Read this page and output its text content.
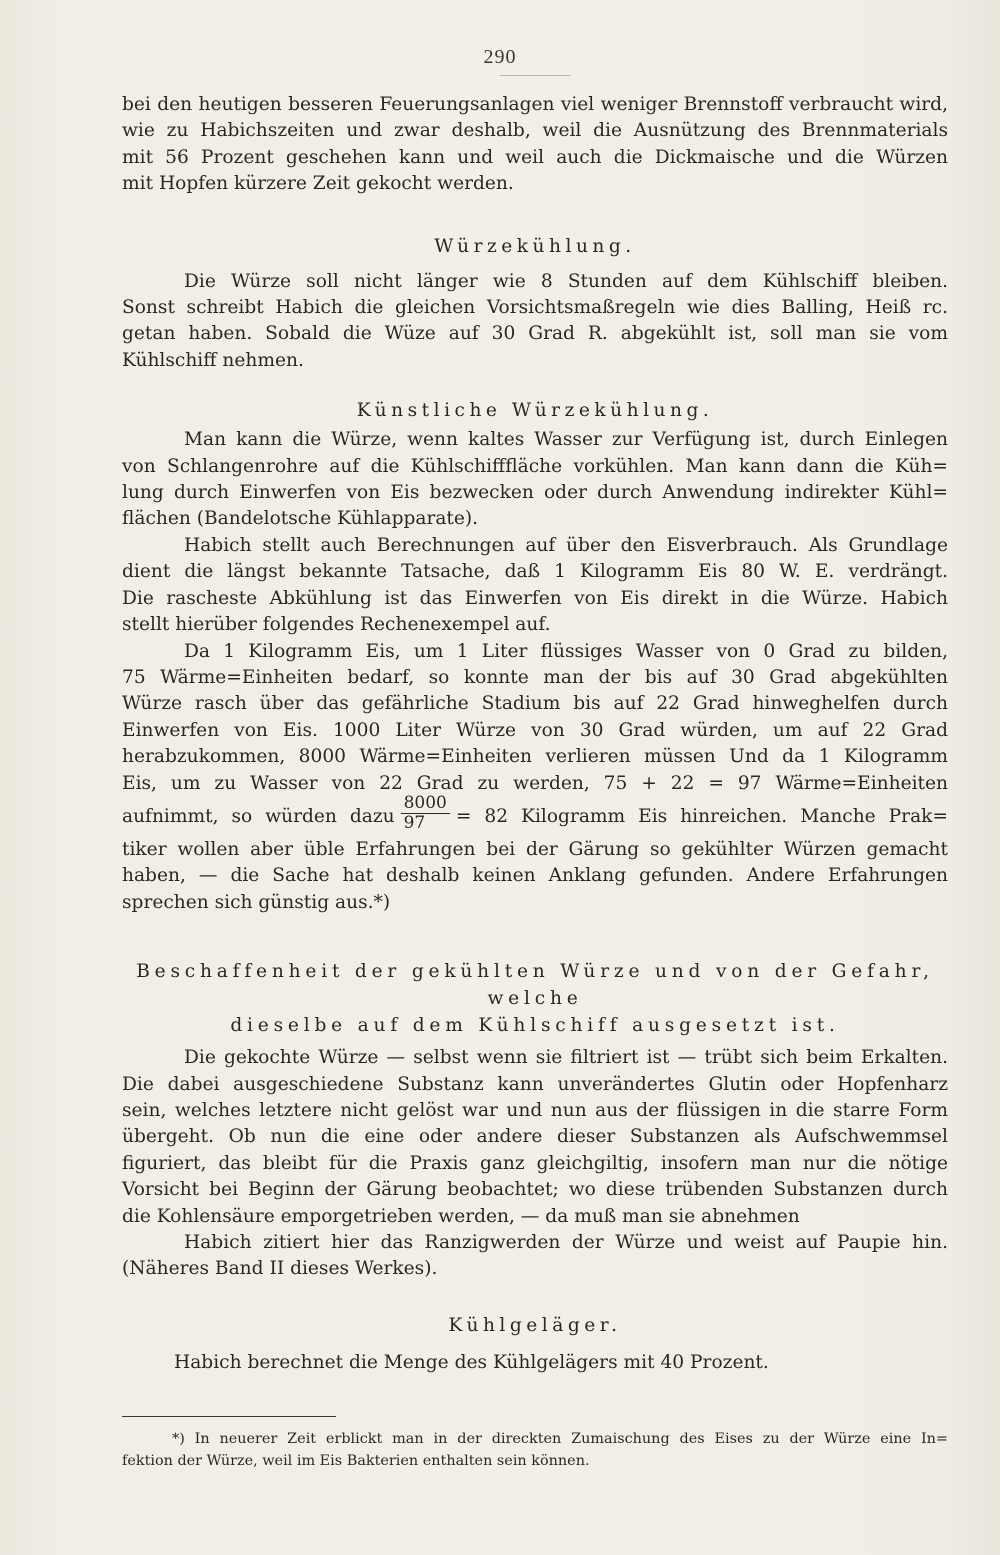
290
bei den heutigen besseren Feuerungsanlagen viel weniger Brennstoff verbraucht wird,
wie zu Habichszeiten und zwar deshalb, weil die Ausnützung des Brennmaterials
mit 56 Prozent geschehen kann und weil auch die Dickmaische und die Würzen
mit Hopfen kürzere Zeit gekocht werden.
Würzekühlung.
Die Würze soll nicht länger wie 8 Stunden auf dem Kühlschiff bleiben.
Sonst schreibt Habich die gleichen Vorsichtsmaßregeln wie dies Balling, Heiß rc.
getan haben. Sobald die Wüze auf 30 Grad R. abgekühlt ist, soll man sie vom
Kühlschiff nehmen.
Künstliche Würzekühlung.
Man kann die Würze, wenn kaltes Wasser zur Verfügung ist, durch Einlegen
von Schlangenrohre auf die Kühlschifffläche vorkühlen. Man kann dann die Küh=
lung durch Einwerfen von Eis bezwecken oder durch Anwendung indirekter Kühl=
flächen (Bandelotsche Kühlapparate).
Habich stellt auch Berechnungen auf über den Eisverbrauch. Als Grundlage
dient die längst bekannte Tatsache, daß 1 Kilogramm Eis 80 W. E. verdrängt.
Die rascheste Abkühlung ist das Einwerfen von Eis direkt in die Würze. Habich
stellt hierüber folgendes Rechenexempel auf.
Da 1 Kilogramm Eis, um 1 Liter flüssiges Wasser von 0 Grad zu bilden,
75 Wärme=Einheiten bedarf, so konnte man der bis auf 30 Grad abgekühlten
Würze rasch über das gefährliche Stadium bis auf 22 Grad hinweghelfen durch
Einwerfen von Eis. 1000 Liter Würze von 30 Grad würden, um auf 22 Grad
herabzukommen, 8000 Wärme=Einheiten verlieren müssen Und da 1 Kilogramm
Eis, um zu Wasser von 22 Grad zu werden, 75 + 22 = 97 Wärme=Einheiten
aufnimmt, so würden dazu $\frac{8000}{97} = 82$ Kilogramm Eis hinreichen. Manche Prak=
tiker wollen aber üble Erfahrungen bei der Gärung so gekühlter Würzen gemacht
haben, — die Sache hat deshalb keinen Anklang gefunden. Andere Erfahrungen
sprechen sich günstig aus.*)
Beschaffenheit der gekühlten Würze und von der Gefahr, welche
dieselbe auf dem Kühlschiff ausgesetzt ist.
Die gekochte Würze — selbst wenn sie filtriert ist — trübt sich beim Erkalten.
Die dabei ausgeschiedene Substanz kann unverändertes Glutin oder Hopfenharz
sein, welches letztere nicht gelöst war und nun aus der flüssigen in die starre Form
übergeht. Ob nun die eine oder andere dieser Substanzen als Aufschwemmsel
figuriert, das bleibt für die Praxis ganz gleichgiltig, insofern man nur die nötige
Vorsicht bei Beginn der Gärung beobachtet; wo diese trübenden Substanzen durch
die Kohlensäure emporgetrieben werden, — da muß man sie abnehmen
Habich zitiert hier das Ranzigwerden der Würze und weist auf Paupie hin.
(Näheres Band II dieses Werkes).
Kühlgeläger.
Habich berechnet die Menge des Kühlgelägers mit 40 Prozent.
*) In neuerer Zeit erblickt man in der direckten Zumaischung des Eises zu der Würze eine In=
fektion der Würze, weil im Eis Bakterien enthalten sein können.
